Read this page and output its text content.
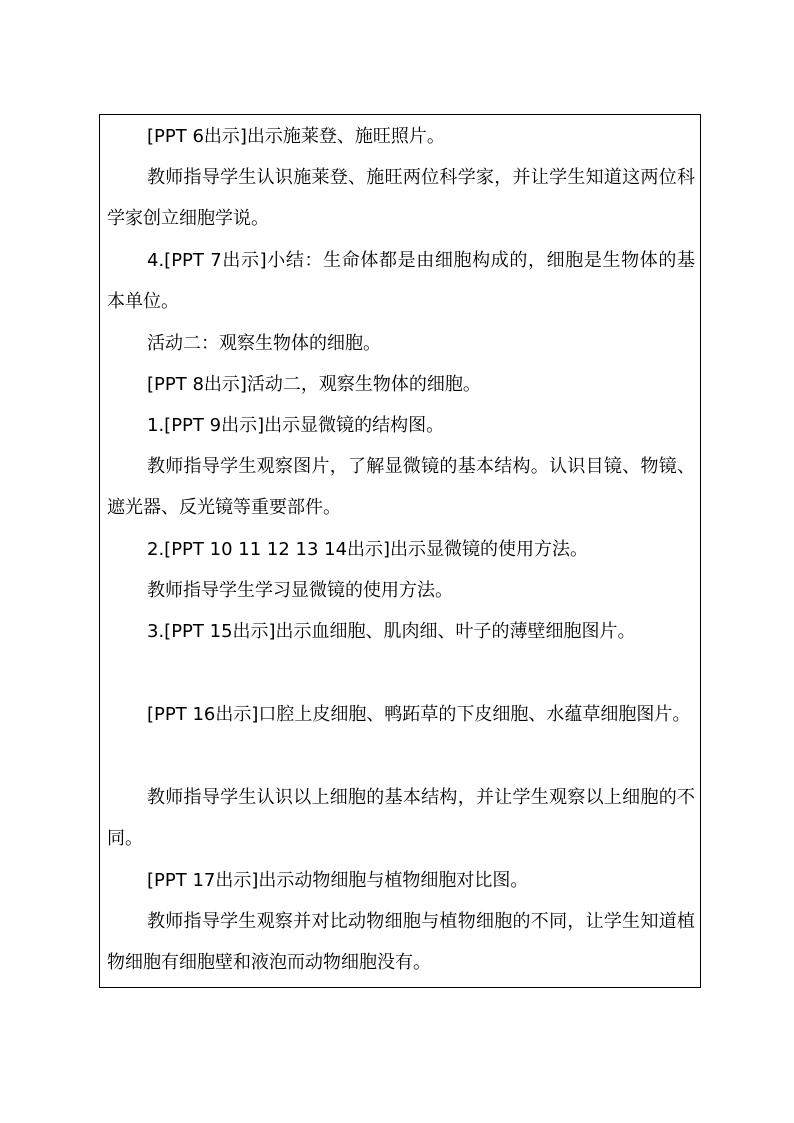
[PPT 6出示]出示施莱登、施旺照片。

教师指导学生认识施莱登、施旺两位科学家，并让学生知道这两位科学家创立细胞学说。

4.[PPT 7出示]小结：生命体都是由细胞构成的，细胞是生物体的基本单位。

活动二：观察生物体的细胞。

[PPT 8出示]活动二，观察生物体的细胞。

1.[PPT 9出示]出示显微镜的结构图。

教师指导学生观察图片，了解显微镜的基本结构。认识目镜、物镜、遮光器、反光镜等重要部件。

2.[PPT 10 11 12 13 14出示]出示显微镜的使用方法。

教师指导学生学习显微镜的使用方法。

3.[PPT 15出示]出示血细胞、肌肉细、叶子的薄壁细胞图片。

[PPT 16出示]口腔上皮细胞、鸭跖草的下皮细胞、水蕴草细胞图片。

教师指导学生认识以上细胞的基本结构，并让学生观察以上细胞的不同。

[PPT 17出示]出示动物细胞与植物细胞对比图。

教师指导学生观察并对比动物细胞与植物细胞的不同，让学生知道植物细胞有细胞壁和液泡而动物细胞没有。
